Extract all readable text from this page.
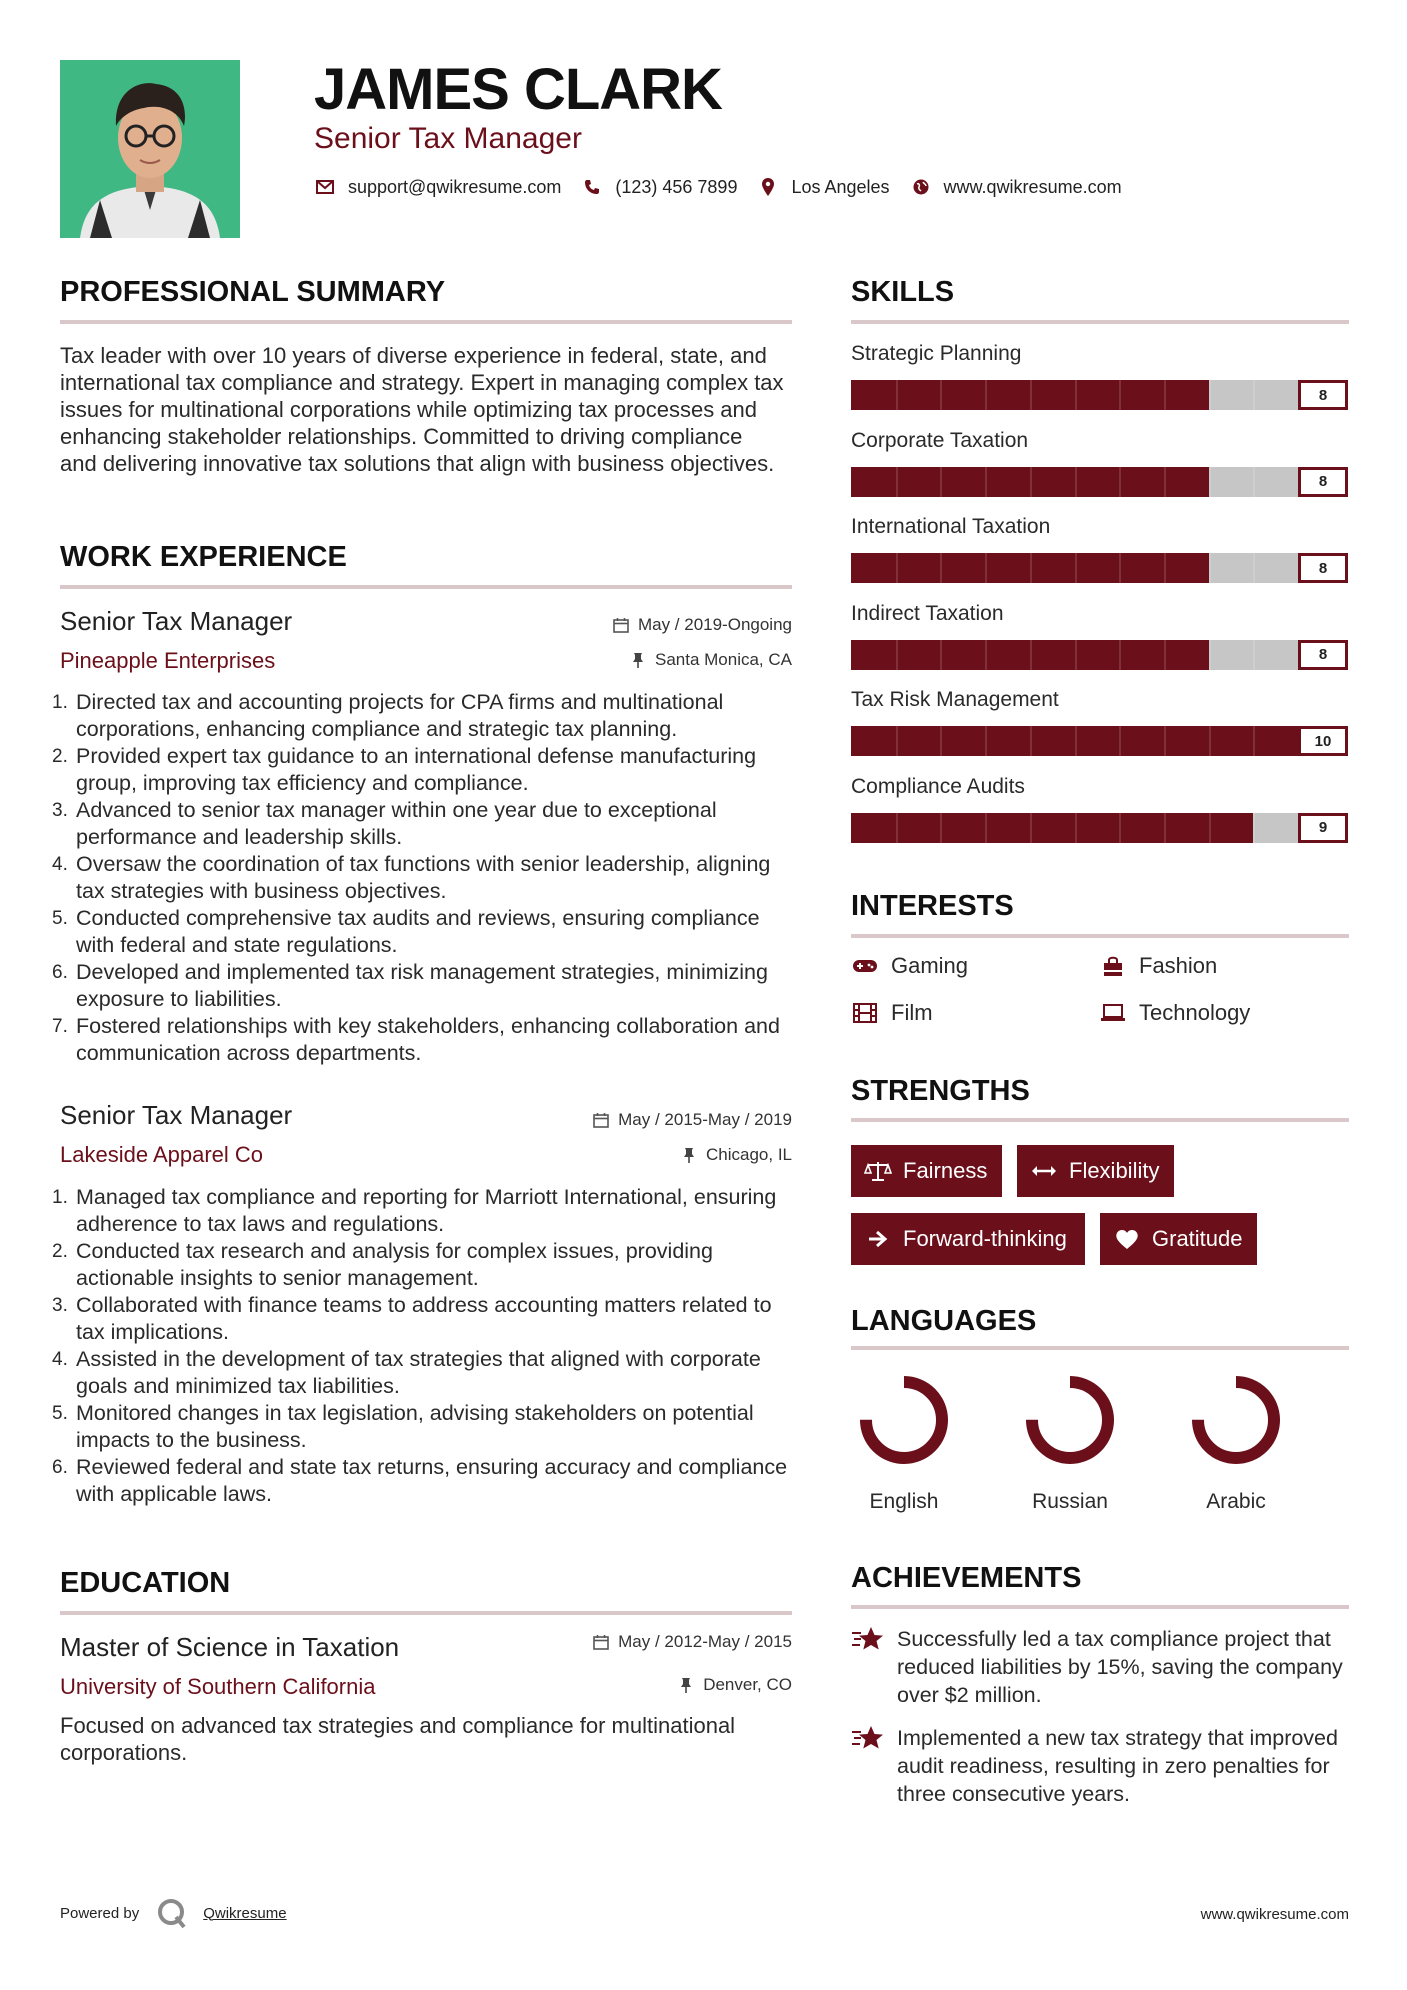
JAMES CLARK
Senior Tax Manager
support@qwikresume.com	(123) 456 7899	Los Angeles	www.qwikresume.com
PROFESSIONAL SUMMARY
Tax leader with over 10 years of diverse experience in federal, state, and international tax compliance and strategy. Expert in managing complex tax issues for multinational corporations while optimizing tax processes and enhancing stakeholder relationships. Committed to driving compliance and delivering innovative tax solutions that align with business objectives.
WORK EXPERIENCE
Senior Tax Manager	May / 2019-Ongoing
Pineapple Enterprises	Santa Monica, CA
1. Directed tax and accounting projects for CPA firms and multinational corporations, enhancing compliance and strategic tax planning.
2. Provided expert tax guidance to an international defense manufacturing group, improving tax efficiency and compliance.
3. Advanced to senior tax manager within one year due to exceptional performance and leadership skills.
4. Oversaw the coordination of tax functions with senior leadership, aligning tax strategies with business objectives.
5. Conducted comprehensive tax audits and reviews, ensuring compliance with federal and state regulations.
6. Developed and implemented tax risk management strategies, minimizing exposure to liabilities.
7. Fostered relationships with key stakeholders, enhancing collaboration and communication across departments.
Senior Tax Manager	May / 2015-May / 2019
Lakeside Apparel Co	Chicago, IL
1. Managed tax compliance and reporting for Marriott International, ensuring adherence to tax laws and regulations.
2. Conducted tax research and analysis for complex issues, providing actionable insights to senior management.
3. Collaborated with finance teams to address accounting matters related to tax implications.
4. Assisted in the development of tax strategies that aligned with corporate goals and minimized tax liabilities.
5. Monitored changes in tax legislation, advising stakeholders on potential impacts to the business.
6. Reviewed federal and state tax returns, ensuring accuracy and compliance with applicable laws.
EDUCATION
Master of Science in Taxation	May / 2012-May / 2015
University of Southern California	Denver, CO
Focused on advanced tax strategies and compliance for multinational corporations.
SKILLS
Strategic Planning
8
Corporate Taxation
8
International Taxation
8
Indirect Taxation
8
Tax Risk Management
10
Compliance Audits
9
INTERESTS
Gaming	Fashion
Film	Technology
STRENGTHS
Fairness	Flexibility
Forward-thinking	Gratitude
LANGUAGES
English	Russian	Arabic
ACHIEVEMENTS
Successfully led a tax compliance project that reduced liabilities by 15%, saving the company over $2 million.
Implemented a new tax strategy that improved audit readiness, resulting in zero penalties for three consecutive years.
Powered by	Qwikresume	www.qwikresume.com
